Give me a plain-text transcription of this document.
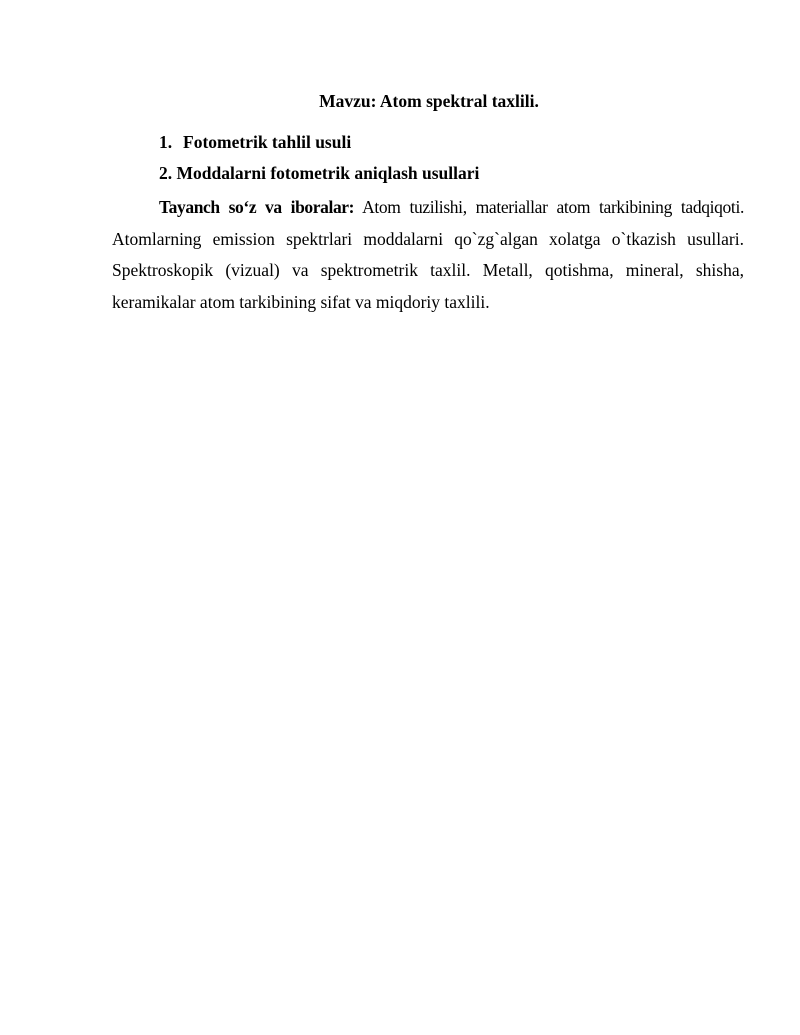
Mavzu: Atom spektral taxlili.
1. Fotometrik tahlil usuli
2. Moddalarni fotometrik aniqlash usullari
Tayanch so‘z va iboralar: Atom tuzilishi, materiallar atom tarkibining tadqiqoti. Atomlarning emission spektrlari moddalarni qo`zg`algan xolatga o`tkazish usullari. Spektroskopik (vizual) va spektrometrik taxlil. Metall, qotishma, mineral, shisha, keramikalar atom tarkibining sifat va miqdoriy taxlili.
